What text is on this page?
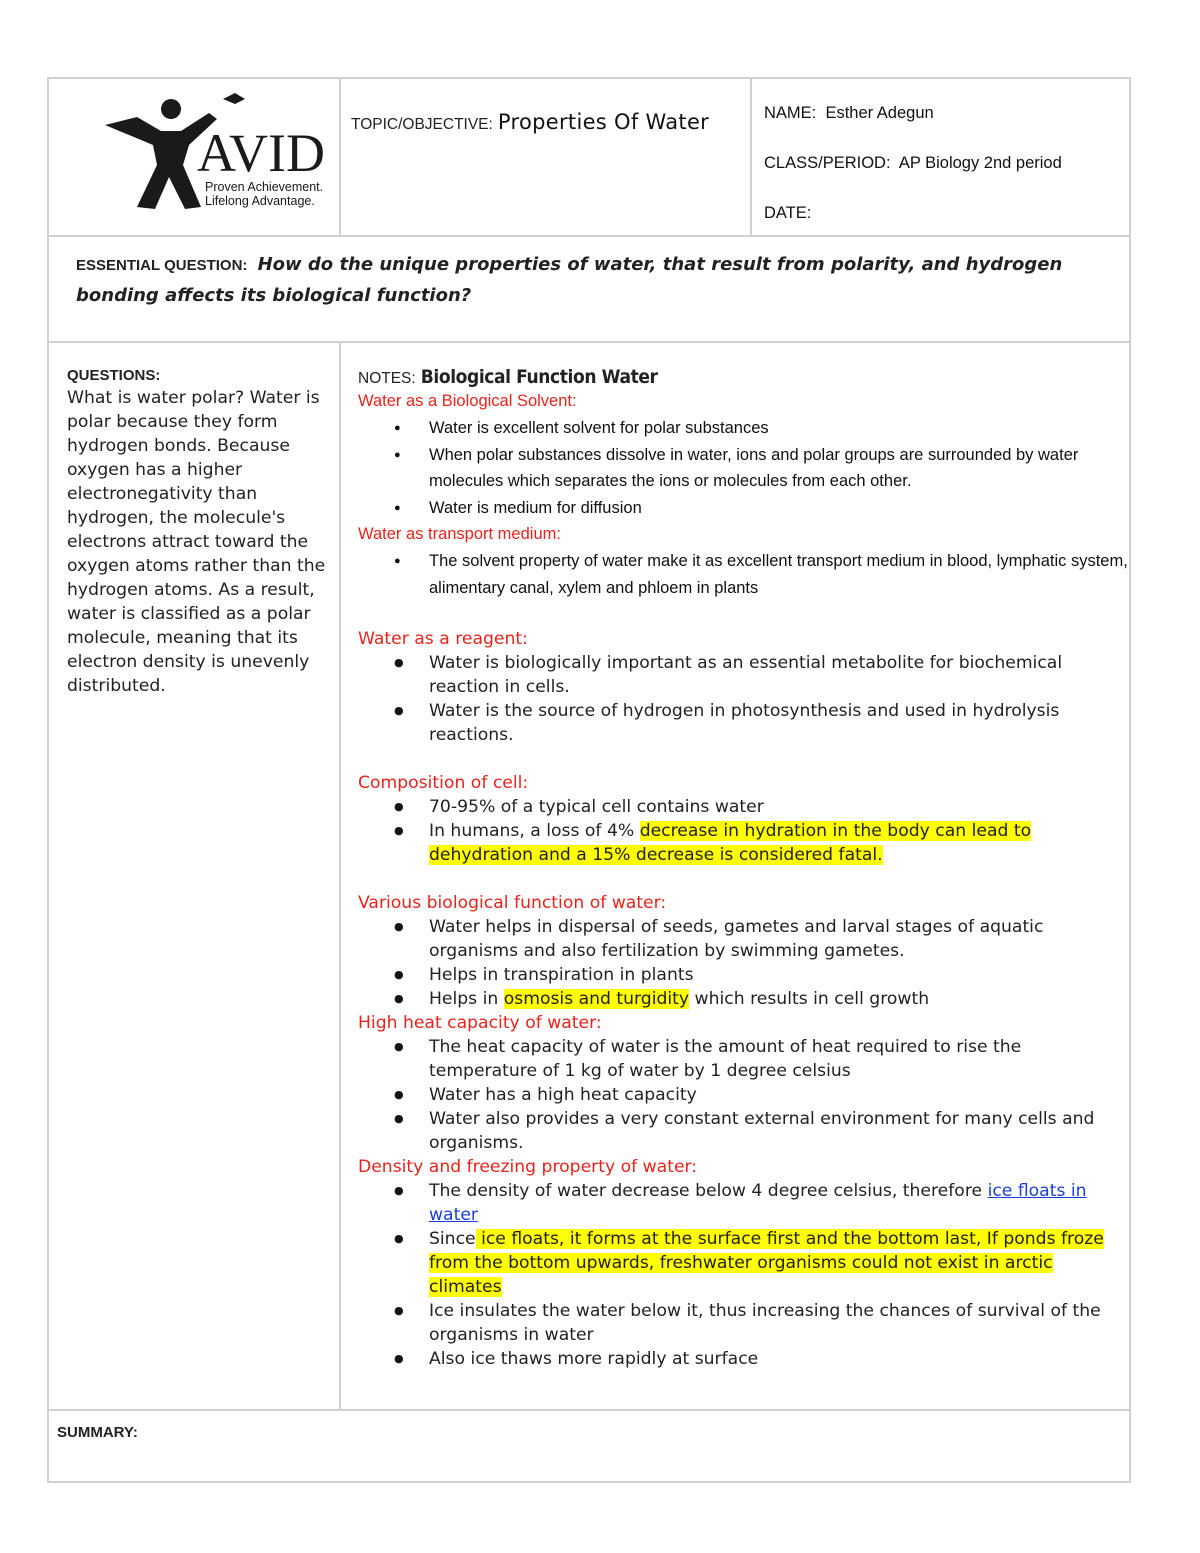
AVID
Proven Achievement.
Lifelong Advantage.
TOPIC/OBJECTIVE: Properties Of Water	NAME: Esther Adegun
CLASS/PERIOD: AP Biology 2nd period
DATE:
ESSENTIAL QUESTION: How do the unique properties of water, that result from polarity, and hydrogen bonding affects its biological function?
QUESTIONS:
What is water polar? Water is polar because they form hydrogen bonds. Because oxygen has a higher electronegativity than hydrogen, the molecule's electrons attract toward the oxygen atoms rather than the hydrogen atoms. As a result, water is classified as a polar molecule, meaning that its electron density is unevenly distributed.
NOTES: Biological Function Water
Water as a Biological Solvent:
● Water is excellent solvent for polar substances
● When polar substances dissolve in water, ions and polar groups are surrounded by water molecules which separates the ions or molecules from each other.
● Water is medium for diffusion
Water as transport medium:
● The solvent property of water make it as excellent transport medium in blood, lymphatic system, alimentary canal, xylem and phloem in plants
Water as a reagent:
● Water is biologically important as an essential metabolite for biochemical reaction in cells.
● Water is the source of hydrogen in photosynthesis and used in hydrolysis reactions.
Composition of cell:
● 70-95% of a typical cell contains water
● In humans, a loss of 4% decrease in hydration in the body can lead to dehydration and a 15% decrease is considered fatal.
Various biological function of water:
● Water helps in dispersal of seeds, gametes and larval stages of aquatic organisms and also fertilization by swimming gametes.
● Helps in transpiration in plants
● Helps in osmosis and turgidity which results in cell growth
High heat capacity of water:
● The heat capacity of water is the amount of heat required to rise the temperature of 1 kg of water by 1 degree celsius
● Water has a high heat capacity
● Water also provides a very constant external environment for many cells and organisms.
Density and freezing property of water:
● The density of water decrease below 4 degree celsius, therefore ice floats in water
● Since ice floats, it forms at the surface first and the bottom last, If ponds froze from the bottom upwards, freshwater organisms could not exist in arctic climates
● Ice insulates the water below it, thus increasing the chances of survival of the organisms in water
● Also ice thaws more rapidly at surface
SUMMARY:
